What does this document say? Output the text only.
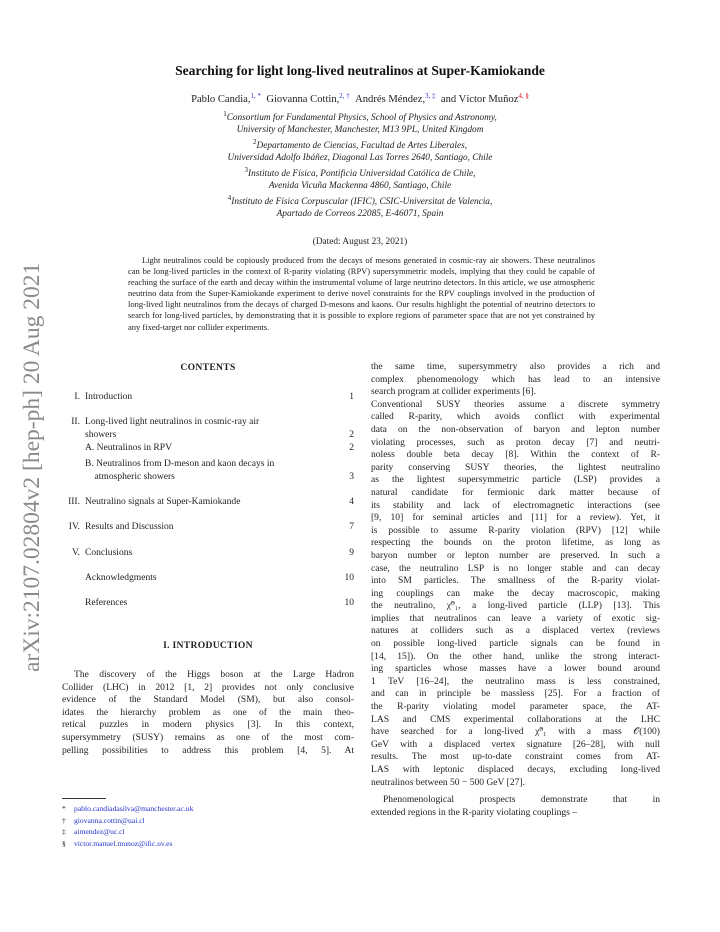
arXiv:2107.02804v2 [hep-ph] 20 Aug 2021
Searching for light long-lived neutralinos at Super-Kamiokande
Pablo Candia,$^{1, *}$ Giovanna Cottin,$^{2, \dagger}$ Andrés Méndez,$^{3, \ddagger}$ and Víctor Muñoz$^{4, \S}$
$^1$Consortium for Fundamental Physics, School of Physics and Astronomy,
University of Manchester, Manchester, M13 9PL, United Kingdom
$^2$Departamento de Ciencias, Facultad de Artes Liberales,
Universidad Adolfo Ibáñez, Diagonal Las Torres 2640, Santiago, Chile
$^3$Instituto de Física, Pontificia Universidad Católica de Chile,
Avenida Vicuña Mackenna 4860, Santiago, Chile
$^4$Instituto de Física Corpuscular (IFIC), CSIC-Universitat de Valencia,
Apartado de Correos 22085, E-46071, Spain
(Dated: August 23, 2021)
Light neutralinos could be copiously produced from the decays of mesons generated in cosmic-ray air showers. These neutralinos can be long-lived particles in the context of R-parity violating (RPV) supersymmetric models, implying that they could be capable of reaching the surface of the earth and decay within the instrumental volume of large neutrino detectors. In this article, we use atmospheric neutrino data from the Super-Kamiokande experiment to derive novel constraints for the RPV couplings involved in the production of long-lived light neutralinos from the decays of charged D-mesons and kaons. Our results highlight the potential of neutrino detectors to search for long-lived particles, by demonstrating that it is possible to explore regions of parameter space that are not yet constrained by any fixed-target nor collider experiments.
CONTENTS
I. Introduction	1
II. Long-lived light neutralinos in cosmic-ray air
showers	2
A. Neutralinos in RPV	2
B. Neutralinos from D-meson and kaon decays in
atmospheric showers	3
III. Neutralino signals at Super-Kamiokande	4
IV. Results and Discussion	7
V. Conclusions	9
Acknowledgments	10
References	10
I. INTRODUCTION
The discovery of the Higgs boson at the Large Hadron
Collider (LHC) in 2012 [1, 2] provides not only conclusive
evidence of the Standard Model (SM), but also consol-
idates the hierarchy problem as one of the main theo-
retical puzzles in modern physics [3]. In this context,
supersymmetry (SUSY) remains as one of the most com-
pelling possibilities to address this problem [4, 5]. At
* pablo.candiadasilva@manchester.ac.uk
† giovanna.cottin@uai.cl
‡ aimendez@uc.cl
§ victor.manuel.munoz@ific.uv.es
the same time, supersymmetry also provides a rich and
complex phenomenology which has lead to an intensive
search program at collider experiments [6].
Conventional SUSY theories assume a discrete symmetry
called R-parity, which avoids conflict with experimental
data on the non-observation of baryon and lepton number
violating processes, such as proton decay [7] and neutri-
noless double beta decay [8]. Within the context of R-
parity conserving SUSY theories, the lightest neutralino
as the lightest supersymmetric particle (LSP) provides a
natural candidate for fermionic dark matter because of
its stability and lack of electromagnetic interactions (see
[9, 10] for seminal articles and [11] for a review). Yet, it
is possible to assume R-parity violation (RPV) [12] while
respecting the bounds on the proton lifetime, as long as
baryon number or lepton number are preserved. In such a
case, the neutralino LSP is no longer stable and can decay
into SM particles. The smallness of the R-parity violat-
ing couplings can make the decay macroscopic, making
the neutralino, χ̃⁰₁, a long-lived particle (LLP) [13]. This
implies that neutralinos can leave a variety of exotic sig-
natures at colliders such as a displaced vertex (reviews
on possible long-lived particle signals can be found in
[14, 15]). On the other hand, unlike the strong interact-
ing sparticles whose masses have a lower bound around
1 TeV [16–24], the neutralino mass is less constrained,
and can in principle be massless [25]. For a fraction of
the R-parity violating model parameter space, the AT-
LAS and CMS experimental collaborations at the LHC
have searched for a long-lived χ̃⁰₁ with a mass 𝒪(100)
GeV with a displaced vertex signature [26–28], with null
results. The most up-to-date constraint comes from AT-
LAS with leptonic displaced decays, excluding long-lived
neutralinos between 50 − 500 GeV [27].
Phenomenological prospects demonstrate that in
extended regions in the R-parity violating couplings –
